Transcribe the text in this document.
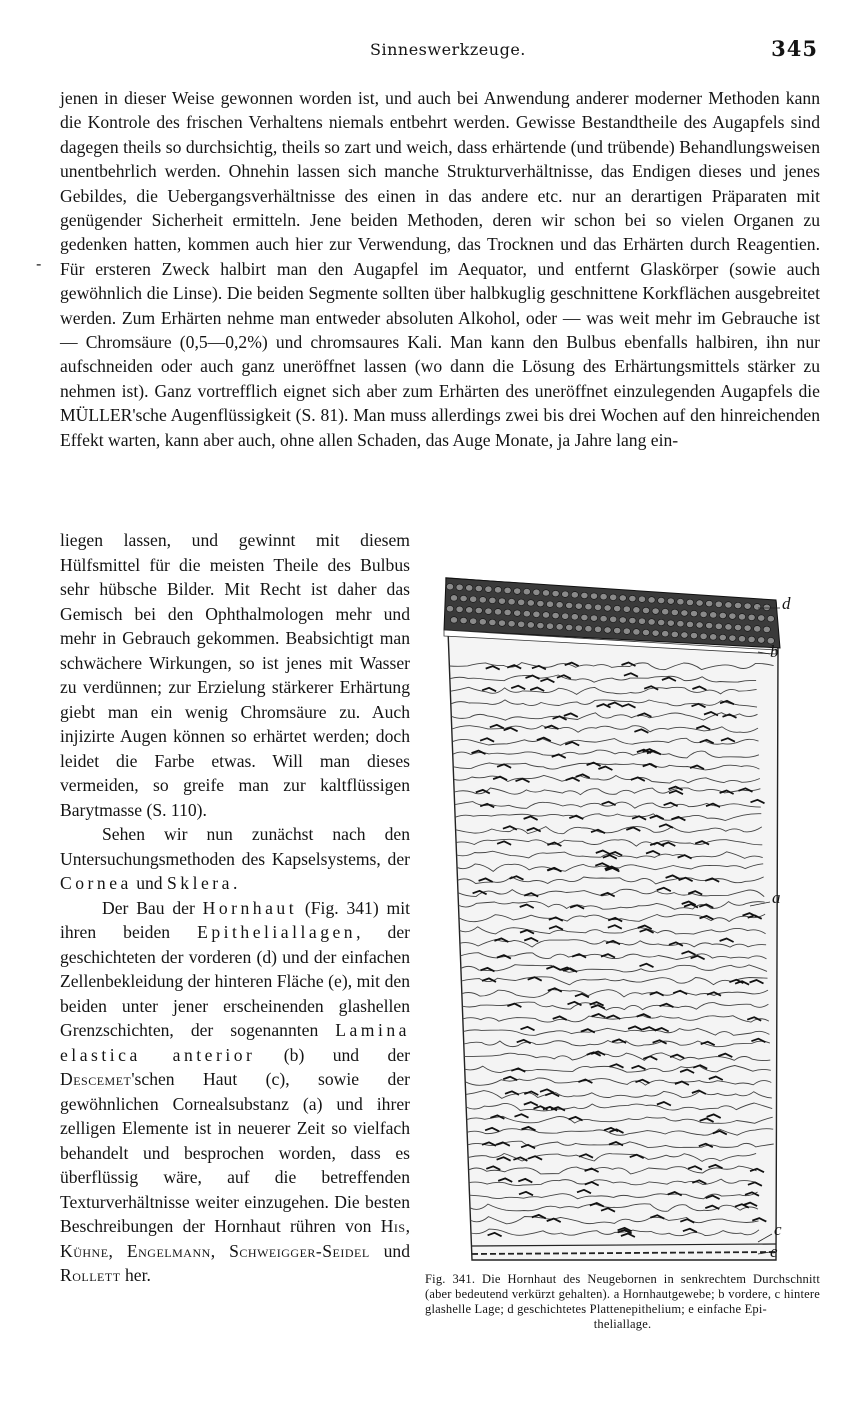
Sinneswerkzeuge.	345
-

jenen in dieser Weise gewonnen worden ist, und auch bei Anwendung anderer moderner Methoden kann die Kontrole des frischen Verhaltens niemals entbehrt werden. Gewisse Bestandtheile des Augapfels sind dagegen theils so durchsichtig, theils so zart und weich, dass erhärtende (und trübende) Behandlungsweisen unentbehrlich werden. Ohnehin lassen sich manche Strukturverhältnisse, das Endigen dieses und jenes Gebildes, die Uebergangsverhältnisse des einen in das andere etc. nur an derartigen Präparaten mit genügender Sicherheit ermitteln. Jene beiden Methoden, deren wir schon bei so vielen Organen zu gedenken hatten, kommen auch hier zur Verwendung, das Trocknen und das Erhärten durch Reagentien. Für ersteren Zweck halbirt man den Augapfel im Aequator, und entfernt Glaskörper (sowie auch gewöhnlich die Linse). Die beiden Segmente sollten über halbkuglig geschnittene Korkflächen ausgebreitet werden. Zum Erhärten nehme man entweder absoluten Alkohol, oder — was weit mehr im Gebrauche ist — Chromsäure (0,5—0,2%) und chromsaures Kali. Man kann den Bulbus ebenfalls halbiren, ihn nur aufschneiden oder auch ganz uneröffnet lassen (wo dann die Lösung des Erhärtungsmittels stärker zu nehmen ist). Ganz vortrefflich eignet sich aber zum Erhärten des uneröffnet einzulegenden Augapfels die MÜLLER'sche Augenflüssigkeit (S. 81). Man muss allerdings zwei bis drei Wochen auf den hinreichenden Effekt warten, kann aber auch, ohne allen Schaden, das Auge Monate, ja Jahre lang ein-

liegen lassen, und gewinnt mit diesem Hülfsmittel für die meisten Theile des Bulbus sehr hübsche Bilder. Mit Recht ist daher das Gemisch bei den Ophthalmologen mehr und mehr in Gebrauch gekommen. Beabsichtigt man schwächere Wirkungen, so ist jenes mit Wasser zu verdünnen; zur Erzielung stärkerer Erhärtung giebt man ein wenig Chromsäure zu. Auch injizirte Augen können so erhärtet werden; doch leidet die Farbe etwas. Will man dieses vermeiden, so greife man zur kaltflüssigen Barytmasse (S. 110).

Sehen wir nun zunächst nach den Untersuchungsmethoden des Kapselsystems, der Cornea und Sklera.

Der Bau der Hornhaut (Fig. 341) mit ihren beiden Epitheliallagen, der geschichteten der vorderen (d) und der einfachen Zellenbekleidung der hinteren Fläche (e), mit den beiden unter jener erscheinenden glashellen Grenzschichten, der sogenannten Lamina elastica anterior (b) und der Descemet'schen Haut (c), sowie der gewöhnlichen Cornealsubstanz (a) und ihrer zelligen Elemente ist in neuerer Zeit so vielfach behandelt und besprochen worden, dass es überflüssig wäre, auf die betreffenden Texturverhältnisse weiter einzugehen. Die besten Beschreibungen der Hornhaut rühren von His, Kühne, Engelmann, Schweigger-Seidel und Rollett her.

d
b
a
c
e
Fig. 341. Die Hornhaut des Neugebornen in senkrechtem Durchschnitt (aber bedeutend verkürzt gehalten). a Hornhautgewebe; b vordere, c hintere glashelle Lage; d geschichtetes Plattenepithelium; e einfache Epi-
theliallage.
